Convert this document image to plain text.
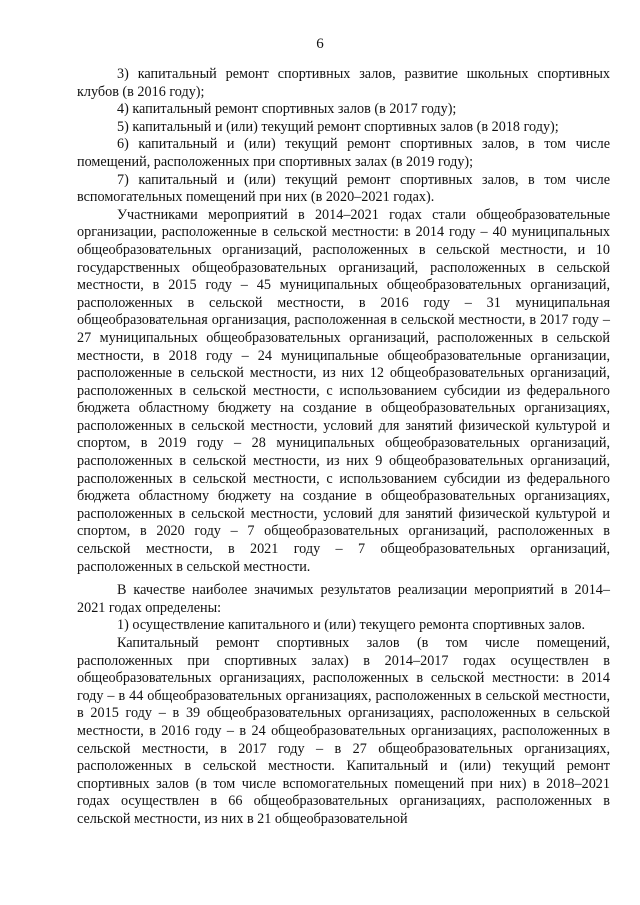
6

3) капитальный ремонт спортивных залов, развитие школьных спортивных клубов (в 2016 году);

4) капитальный ремонт спортивных залов (в 2017 году);

5) капитальный и (или) текущий ремонт спортивных залов (в 2018 году);

6) капитальный и (или) текущий ремонт спортивных залов, в том числе помещений, расположенных при спортивных залах (в 2019 году);

7) капитальный и (или) текущий ремонт спортивных залов, в том числе вспомогательных помещений при них (в 2020–2021 годах).

Участниками мероприятий в 2014–2021 годах стали общеобразовательные организации, расположенные в сельской местности: в 2014 году – 40 муниципальных общеобразовательных организаций, расположенных в сельской местности, и 10 государственных общеобразовательных организаций, расположенных в сельской местности, в 2015 году – 45 муниципальных общеобразовательных организаций, расположенных в сельской местности, в 2016 году – 31 муниципальная общеобразовательная организация, расположенная в сельской местности, в 2017 году – 27 муниципальных общеобразовательных организаций, расположенных в сельской местности, в 2018 году – 24 муниципальные общеобразовательные организации, расположенные в сельской местности, из них 12 общеобразовательных организаций, расположенных в сельской местности, с использованием субсидии из федерального бюджета областному бюджету на создание в общеобразовательных организациях, расположенных в сельской местности, условий для занятий физической культурой и спортом, в 2019 году – 28 муниципальных общеобразовательных организаций, расположенных в сельской местности, из них 9 общеобразовательных организаций, расположенных в сельской местности, с использованием субсидии из федерального бюджета областному бюджету на создание в общеобразовательных организациях, расположенных в сельской местности, условий для занятий физической культурой и спортом, в 2020 году – 7 общеобразовательных организаций, расположенных в сельской местности, в 2021 году – 7 общеобразовательных организаций, расположенных в сельской местности.

В качестве наиболее значимых результатов реализации мероприятий в 2014–2021 годах определены:

1) осуществление капитального и (или) текущего ремонта спортивных залов.

Капитальный ремонт спортивных залов (в том числе помещений, расположенных при спортивных залах) в 2014–2017 годах осуществлен в общеобразовательных организациях, расположенных в сельской местности: в 2014 году – в 44 общеобразовательных организациях, расположенных в сельской местности, в 2015 году – в 39 общеобразовательных организациях, расположенных в сельской местности, в 2016 году – в 24 общеобразовательных организациях, расположенных в сельской местности, в 2017 году – в 27 общеобразовательных организациях, расположенных в сельской местности. Капитальный и (или) текущий ремонт спортивных залов (в том числе вспомогательных помещений при них) в 2018–2021 годах осуществлен в 66 общеобразовательных организациях, расположенных в сельской местности, из них в 21 общеобразовательной
